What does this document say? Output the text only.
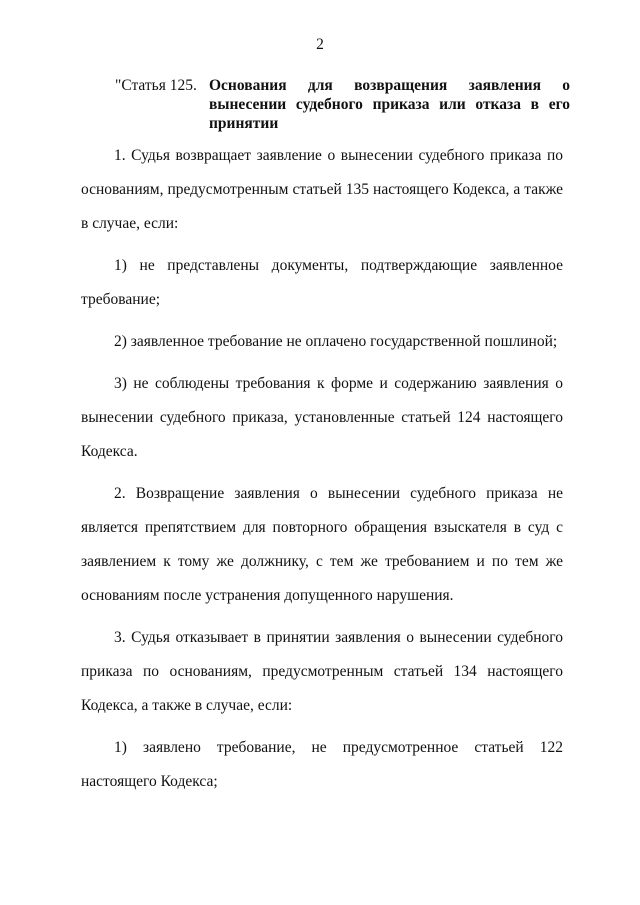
2
"Статья 125. Основания для возвращения заявления о вынесении судебного приказа или отказа в его принятии

1. Судья возвращает заявление о вынесении судебного приказа по основаниям, предусмотренным статьей 135 настоящего Кодекса, а также в случае, если:

1) не представлены документы, подтверждающие заявленное требование;

2) заявленное требование не оплачено государственной пошлиной;

3) не соблюдены требования к форме и содержанию заявления о вынесении судебного приказа, установленные статьей 124 настоящего Кодекса.

2. Возвращение заявления о вынесении судебного приказа не является препятствием для повторного обращения взыскателя в суд с заявлением к тому же должнику, с тем же требованием и по тем же основаниям после устранения допущенного нарушения.

3. Судья отказывает в принятии заявления о вынесении судебного приказа по основаниям, предусмотренным статьей 134 настоящего Кодекса, а также в случае, если:

1) заявлено требование, не предусмотренное статьей 122 настоящего Кодекса;
